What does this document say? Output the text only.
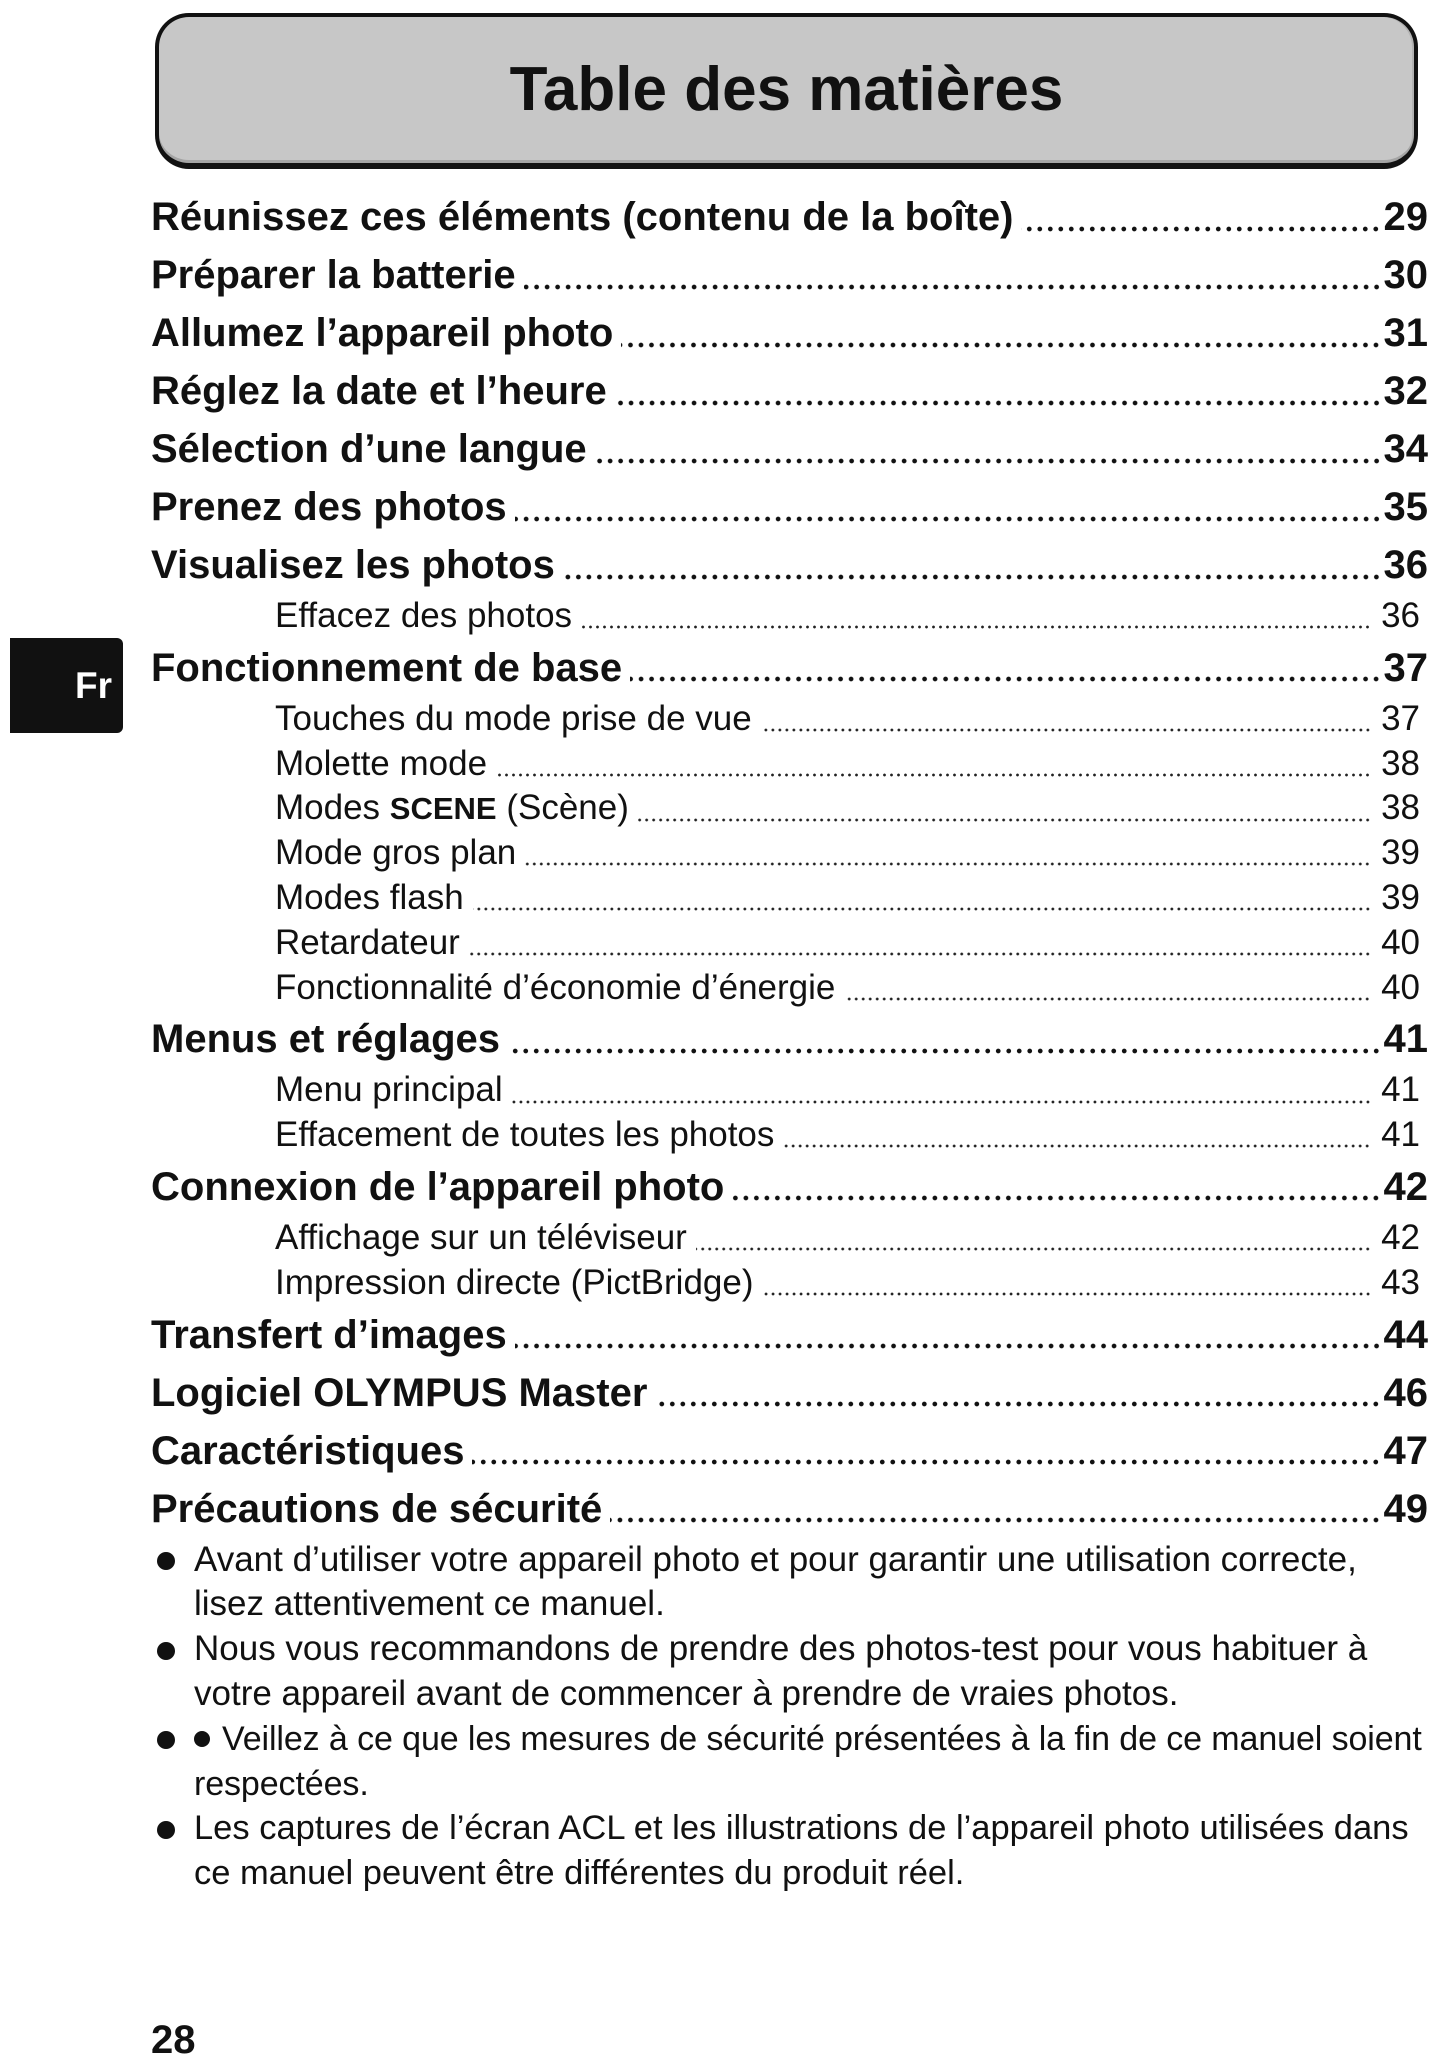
Table des matières
Fr
Réunissez ces éléments (contenu de la boîte)	29
Préparer la batterie	30
Allumez l’appareil photo	31
Réglez la date et l’heure	32
Sélection d’une langue	34
Prenez des photos	35
Visualisez les photos	36
Effacez des photos	36
Fonctionnement de base	37
Touches du mode prise de vue	37
Molette mode	38
Modes SCENE (Scène)	38
Mode gros plan	39
Modes flash	39
Retardateur	40
Fonctionnalité d’économie d’énergie	40
Menus et réglages	41
Menu principal	41
Effacement de toutes les photos	41
Connexion de l’appareil photo	42
Affichage sur un téléviseur	42
Impression directe (PictBridge)	43
Transfert d’images	44
Logiciel OLYMPUS Master	46
Caractéristiques	47
Précautions de sécurité	49
Avant d’utiliser votre appareil photo et pour garantir une utilisation correcte,
lisez attentivement ce manuel.
Nous vous recommandons de prendre des photos-test pour vous habituer à
votre appareil avant de commencer à prendre de vraies photos.
Veillez à ce que les mesures de sécurité présentées à la fin de ce manuel soient
respectées.
Les captures de l’écran ACL et les illustrations de l’appareil photo utilisées dans
ce manuel peuvent être différentes du produit réel.
28
